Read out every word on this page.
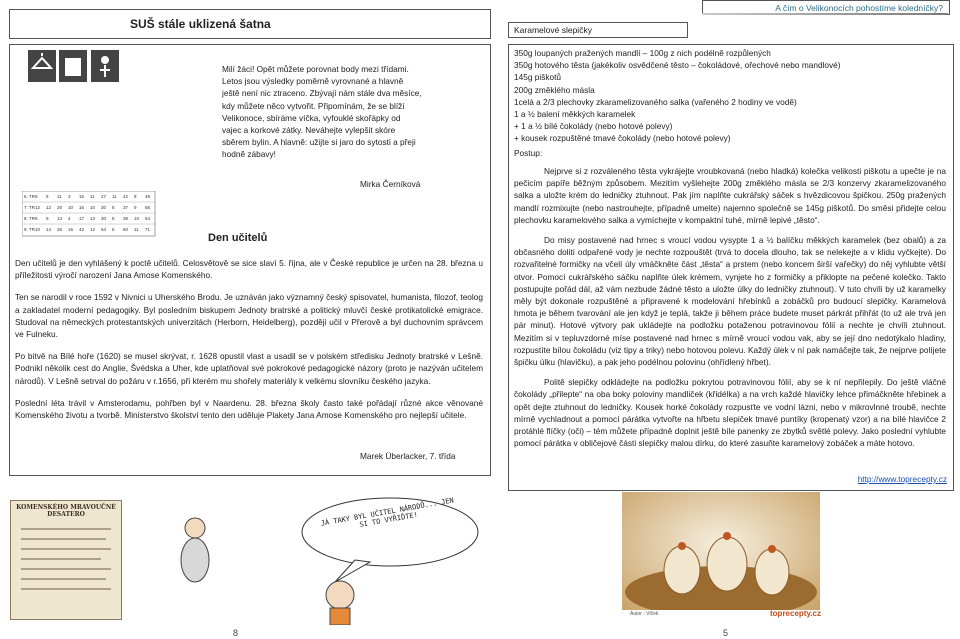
SUŠ stále uklizená šatna
6. TR 9 6 11 3 16 11 27 11 42 8 49
7. TR 12 12 26 10 16 10 30 8 37 9 56
8. TR 9 9 13 4 17 13 30 8 38 10 54
9. TR 10 14 26 16 42 12 54 6 60 11 71

Milí žáci! Opět můžete porovnat body mezi třídami.

Letos jsou výsledky poměrně vyrovnané a hlavně

ještě není nic ztraceno. Zbývají nám stále dva měsíce,

kdy můžete něco vytvořit. Připomínám, že se blíží

Velikonoce, sbíráme víčka, vyfouklé skořápky od

vajec a korkové zátky. Neváhejte vylepšit skóre

sběrem bylin. A hlavně: užijte si jaro do sytosti a přeji

hodně zábavy!

Mirka Černíková
Den učitelů

Den učitelů je den vyhlášený k poctě učitelů. Celosvětově se sice slaví 5. října, ale v České republice je určen na 28. března u příležitosti výročí narození Jana Amose Komenského.

Ten se narodil v roce 1592 v Nivnici u Uherského Brodu. Je uznáván jako významný český spisovatel, humanista, filozof, teolog a zakladatel moderní pedagogiky. Byl posledním biskupem Jednoty bratrské a politický mluvčí české protikatolické emigrace. Studoval na německých protestantských univerzitách (Herborn, Heidelberg), později učil v Přerově a byl duchovním správcem ve Fulneku.

Po bitvě na Bílé hoře (1620) se musel skrývat, r. 1628 opustil vlast a usadil se v polském středisku Jednoty bratrské v Lešně. Podnikl několik cest do Anglie, Švédska a Uher, kde uplatňoval své pokrokové pedagogické názory (proto je nazýván učitelem národů). V Lešně setrval do požáru v r.1656, při kterém mu shořely materiály k velkému slovníku českého jazyka.

Poslední léta trávil v Amsterodamu, pohřben byl v Naardenu. 28. března školy často také pořádají různé akce věnované Komenského životu a tvorbě. Ministerstvo školství tento den uděluje Plakety Jana Amose Komenského pro nejlepší učitele.

Marek Überlacker, 7. třída
KOMENSKÉHO MRAVOUČNÉ DESATERO	JÁ TAKY BYL UČITEL NÁRODŮ... JEN SI TO VYŘIĎTE!
8
Karamelové slepičky
A čím o Velikonocích pohostíme koledníčky?

350g loupaných pražených mandlí – 100g z nich podélně rozpůlených

350g hotového těsta (jakékoliv osvědčené těsto – čokoládové, ořechové nebo mandlové)

145g piškotů

200g změklého másla

1celá a 2/3 plechovky zkaramelizovaného salka (vařeného 2 hodiny ve vodě)

1 a ½ balení měkkých karamelek

+ 1 a ½ bílé čokolády (nebo hotové polevy)

+ kousek rozpuštěné tmavé čokolády (nebo hotové polevy)

Postup:

Nejprve si z rozváleného těsta vykrájejte vroubkovaná (nebo hladká) kolečka velikosti piškotu a upečte je na pečicím papíře běžným způsobem. Mezitím vyšlehejte 200g změklého másla se 2/3 konzervy zkaramelizovaného salka a uložte krém do ledničky ztuhnout. Pak jím naplňte cukrářský sáček s hvězdicovou špičkou. 250g pražených mandlí rozmixujte (nebo nastrouhejte, případně umelte) najemno společně se 145g piškotů. Do směsi přidejte celou plechovku karamelového salka a vymíchejte v kompaktní tuhé, mírně lepivé „těsto“.

Do misy postavené nad hrnec s vroucí vodou vysypte 1 a ½ balíčku měkkých karamelek (bez obalů) a za občasného dolití odpařené vody je nechte rozpouštět (trvá to docela dlouho, tak se nelekejte a v klidu vyčkejte). Do rozvařitelné formičky na včelí úly vmáčkněte část „těsta“ a prstem (nebo koncem širší vařečky) do něj vyhlubte větší otvor. Pomocí cukrářského sáčku naplňte úlek krémem, vynjete ho z formičky a přiklopte na pečené kolečko. Takto postupujte pořád dál, až vám nezbude žádné těsto a uložte úlky do ledničky ztuhnout). V tuto chvíli by už karamelky měly být dokonale rozpuštěné a připravené k modelování hřebínků a zobáčků pro budoucí slepičky. Karamelová hmota je během tvarování ale jen když je teplá, takže ji během práce budete muset párkrát přihřát (to už ale trvá jen pár minut). Hotové výtvory pak ukládejte na podložku potaženou potravinovou fólií a nechte je chvíli ztuhnout. Mezitím si v tepluvzdorné míse postavené nad hrnec s mírně vroucí vodou vak, aby se její dno nedotýkalo hladiny, rozpustíte bílou čokoládu (viz tipy a triky) nebo hotovou polevu. Každý úlek v ní pak namáčejte tak, že nejprve políjete špičku úlku (hlavičku), a pak jeho podélnou polovinu (ohřídlený hřbet).

Politě slepičky odkládejte na podložku pokrytou potravinovou fólií, aby se k ní nepřilepily. Do ještě vláčné čokolády „přilepte“ na oba boky poloviny mandliček (křidélka) a na vrch každé hlavičky lehce přimáčkněte hřebínek a opět dejte ztuhnout do ledničky. Kousek horké čokolády rozpusťte ve vodní lázni, nebo v mikrovlnné troubě, nechte mírně vychladnout a pomocí párátka vytvořte na hřbetu slepiček tmavé puntíky (kropenatý vzor) a na bílé hlavičce 2 protáhlé flíčky (oči) – tém můžete případně doplnit ještě bíle panenky ze zbytků světlé polevy. Jako poslední vyhlubte pomocí párátka v obličejové části slepičky malou dírku, do které zasuňte karamelový zobáček a máte hotovo.

http://www.toprecepty.cz
Autor : Vlček	toprecepty.cz
5
